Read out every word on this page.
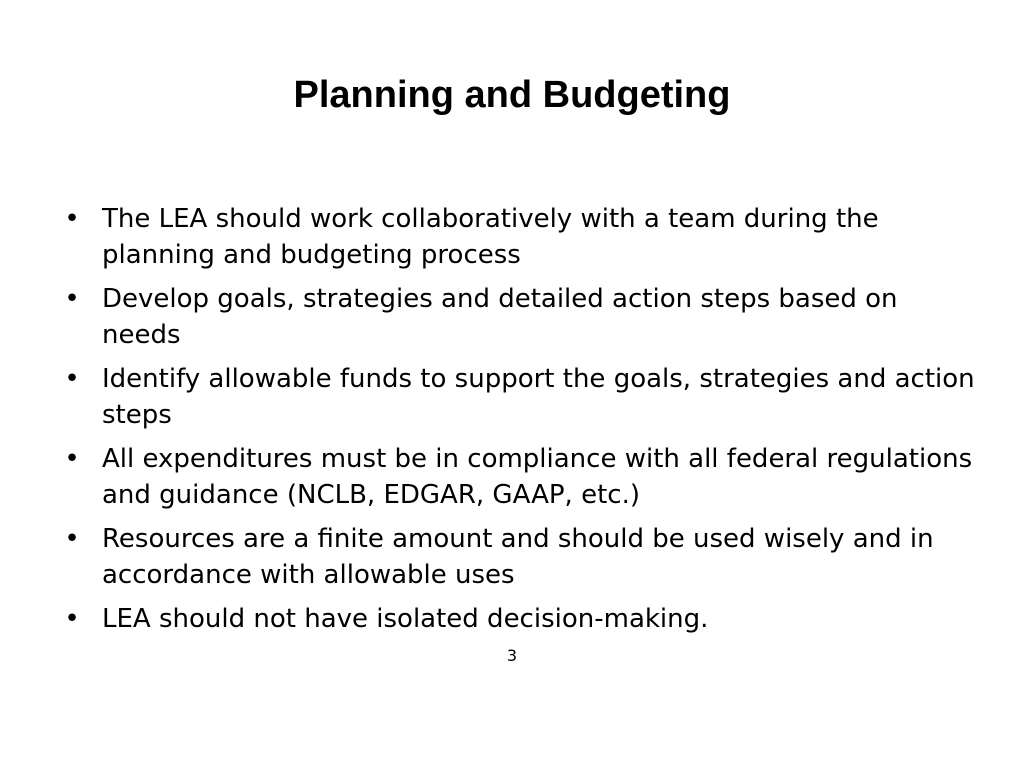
Planning and Budgeting
• The LEA should work collaboratively with a team during the planning and budgeting process
• Develop goals, strategies and detailed action steps based on needs
• Identify allowable funds to support the goals, strategies and action steps
• All expenditures must be in compliance with all federal regulations and guidance (NCLB, EDGAR, GAAP, etc.)
• Resources are a finite amount and should be used wisely and in accordance with allowable uses
• LEA should not have isolated decision-making.
3
